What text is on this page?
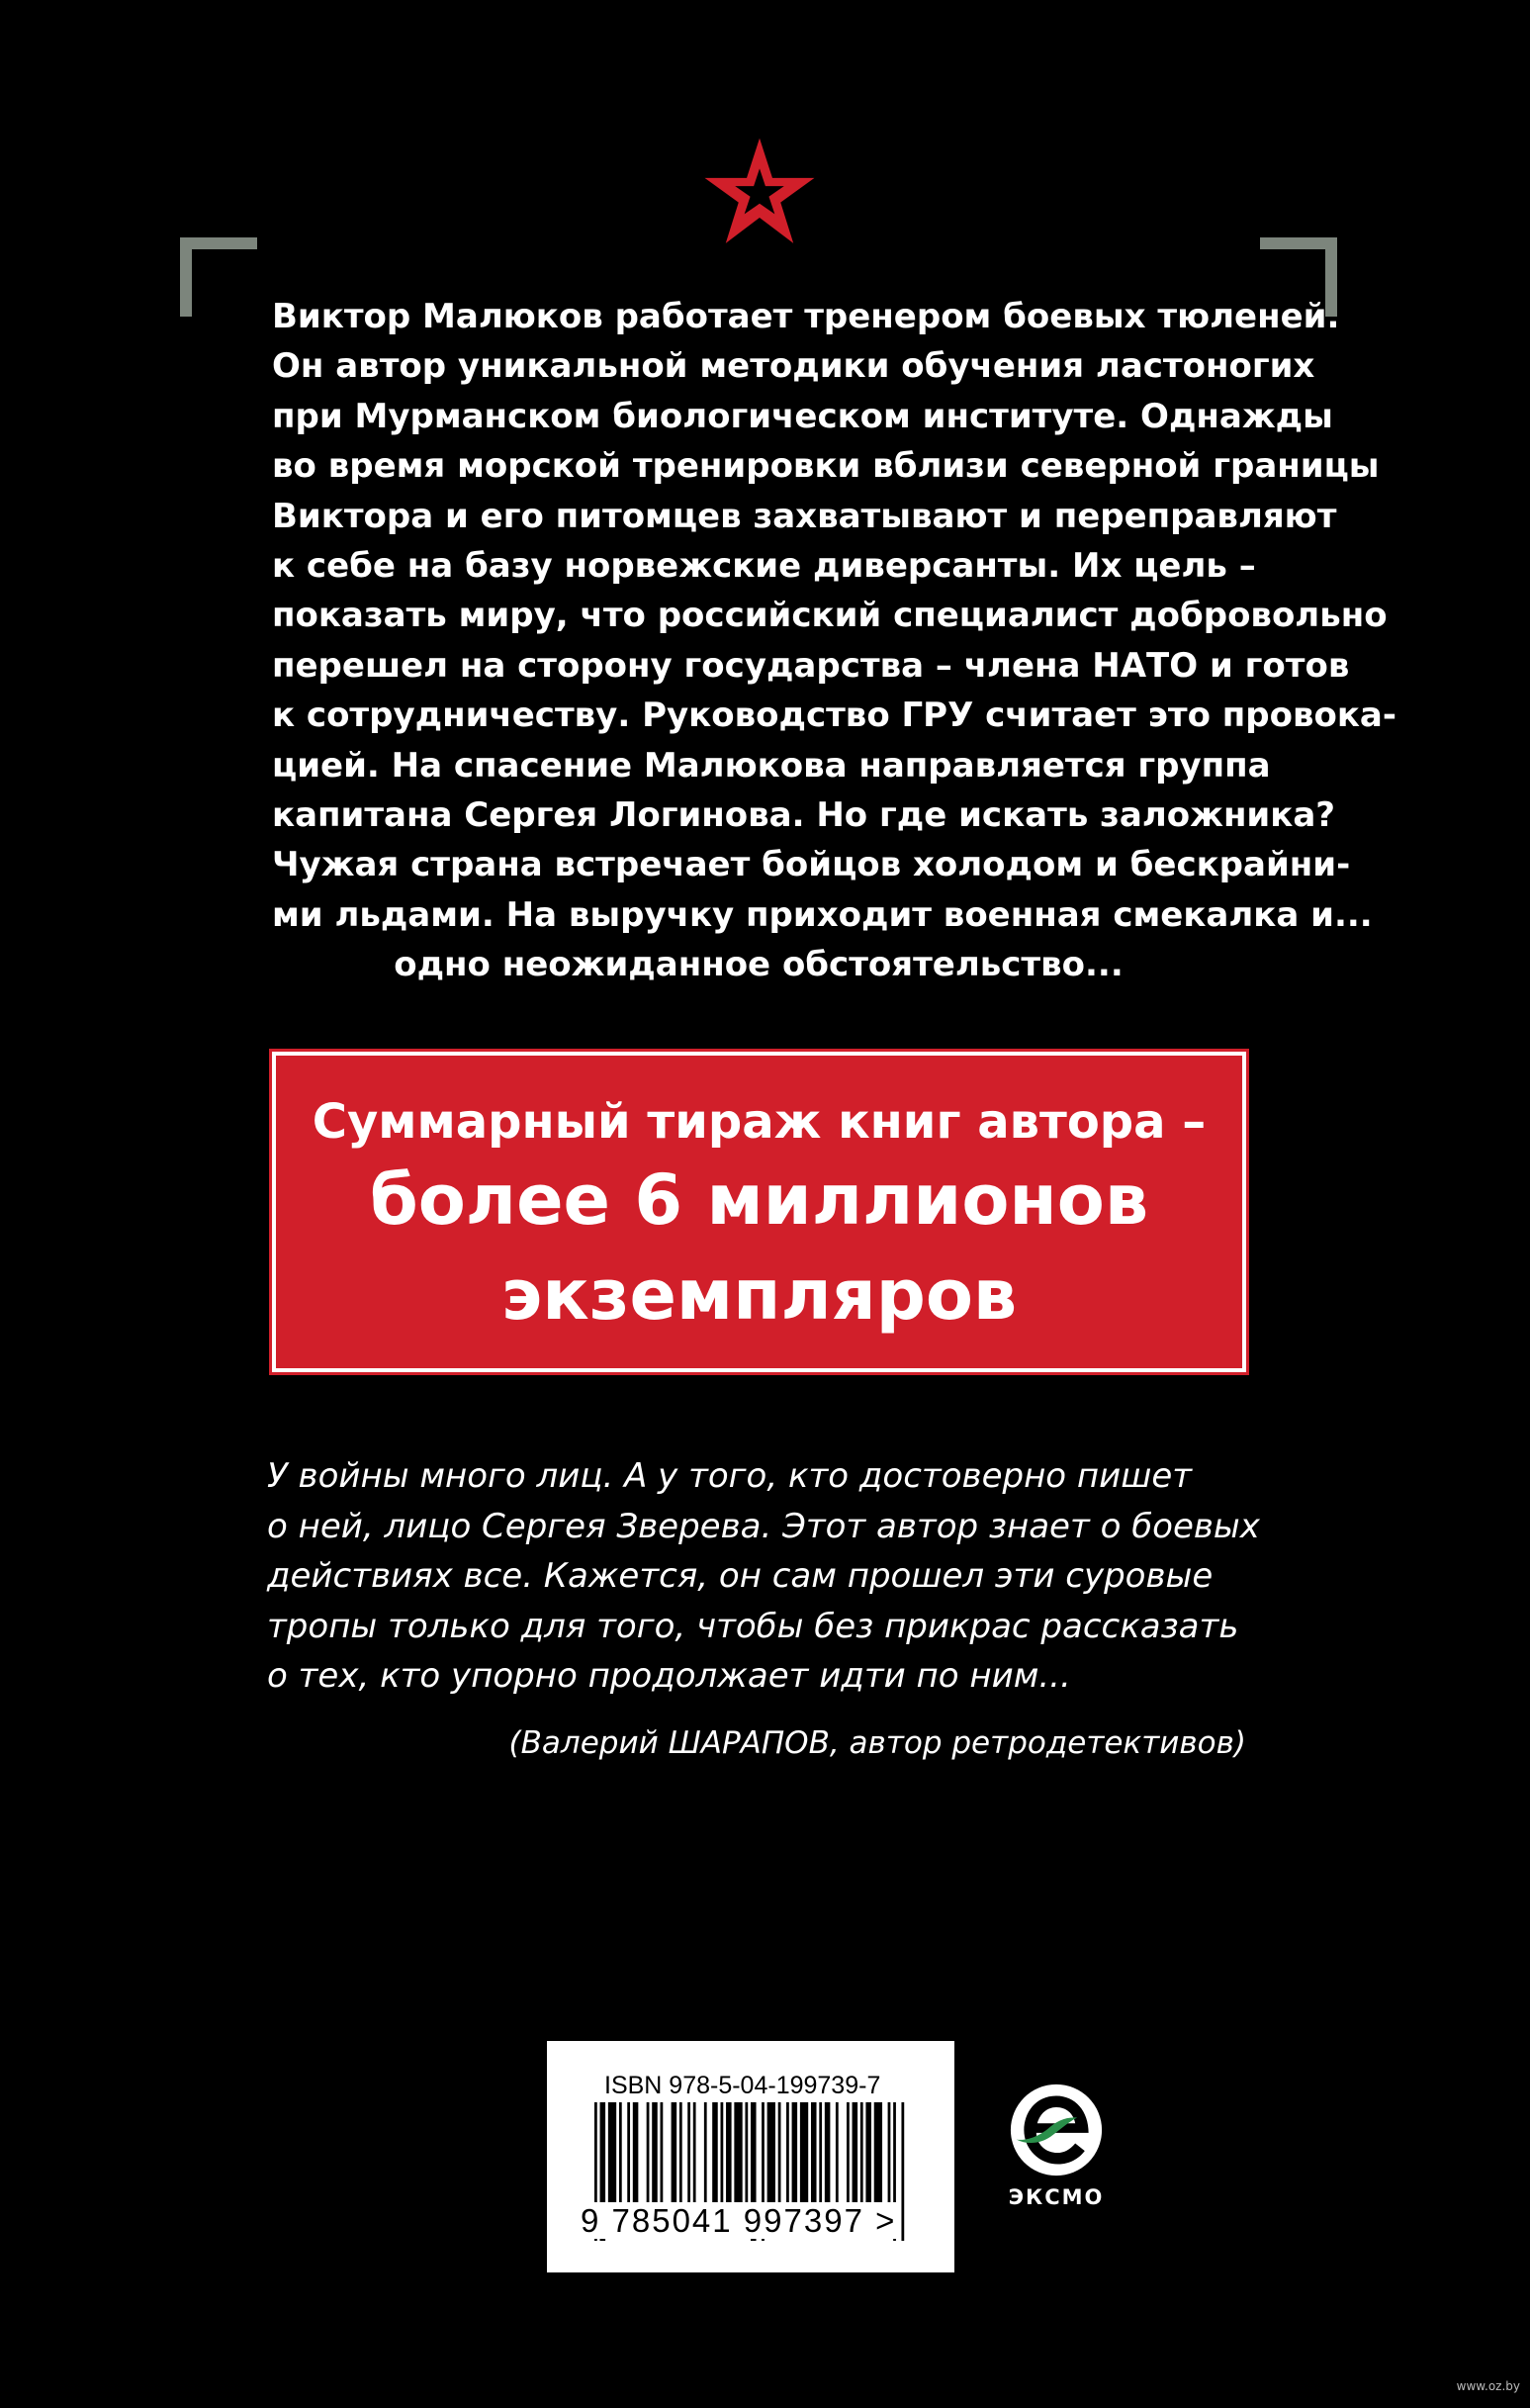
Виктор Малюков работает тренером боевых тюленей.
Он автор уникальной методики обучения ластоногих
при Мурманском биологическом институте. Однажды
во время морской тренировки вблизи северной границы
Виктора и его питомцев захватывают и переправляют
к себе на базу норвежские диверсанты. Их цель –
показать миру, что российский специалист добровольно
перешел на сторону государства – члена НАТО и готов
к сотрудничеству. Руководство ГРУ считает это провока-
цией. На спасение Малюкова направляется группа
капитана Сергея Логинова. Но где искать заложника?
Чужая страна встречает бойцов холодом и бескрайни-
ми льдами. На выручку приходит военная смекалка и...
одно неожиданное обстоятельство...
Суммарный тираж книг автора –
более 6 миллионов
экземпляров
У войны много лиц. А у того, кто достоверно пишет
о ней, лицо Сергея Зверева. Этот автор знает о боевых
действиях все. Кажется, он сам прошел эти суровые
тропы только для того, чтобы без прикрас рассказать
о тех, кто упорно продолжает идти по ним...
(Валерий ШАРАПОВ, автор ретродетективов)
ISBN 978-5-04-199739-7
9 785041 997397 >
ЭКСМО
www.oz.by
